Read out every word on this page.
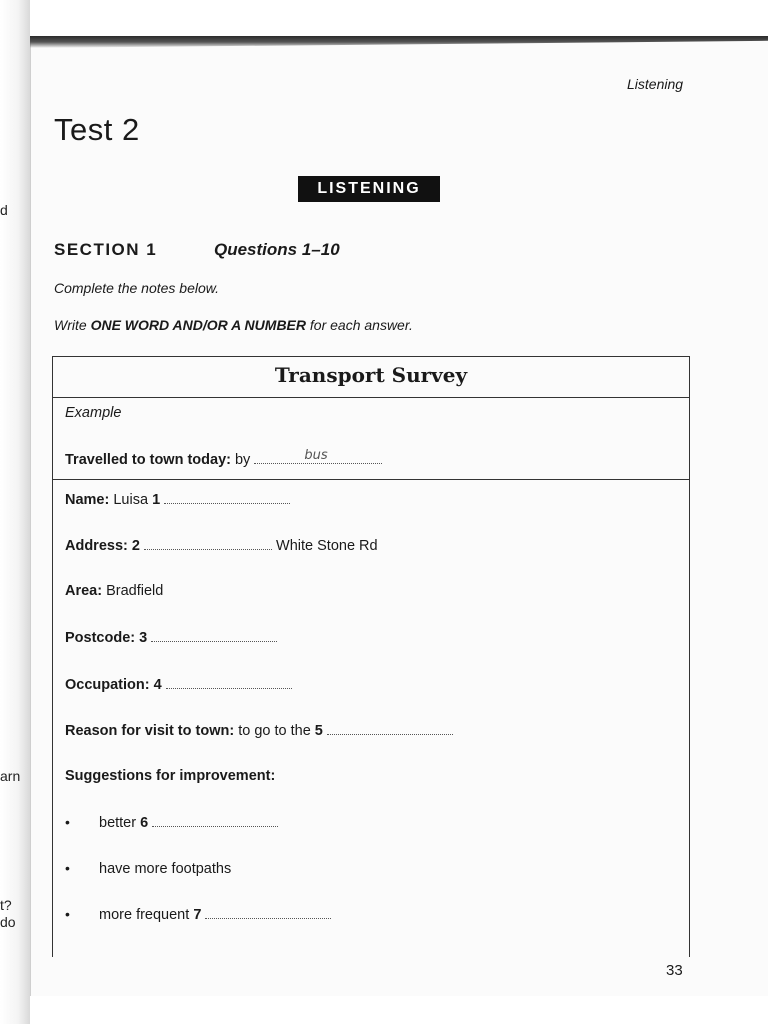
d
arn
t?
do
Listening
Test 2
LISTENING
SECTION 1	Questions 1–10
Complete the notes below.
Write ONE WORD AND/OR A NUMBER for each answer.
Transport Survey
Example
Travelled to town today: by	bus
Name: Luisa 1
Address: 2	White Stone Rd
Area: Bradfield
Postcode: 3
Occupation: 4
Reason for visit to town: to go to the 5
Suggestions for improvement:
• better 6
• have more footpaths
• more frequent 7
33
